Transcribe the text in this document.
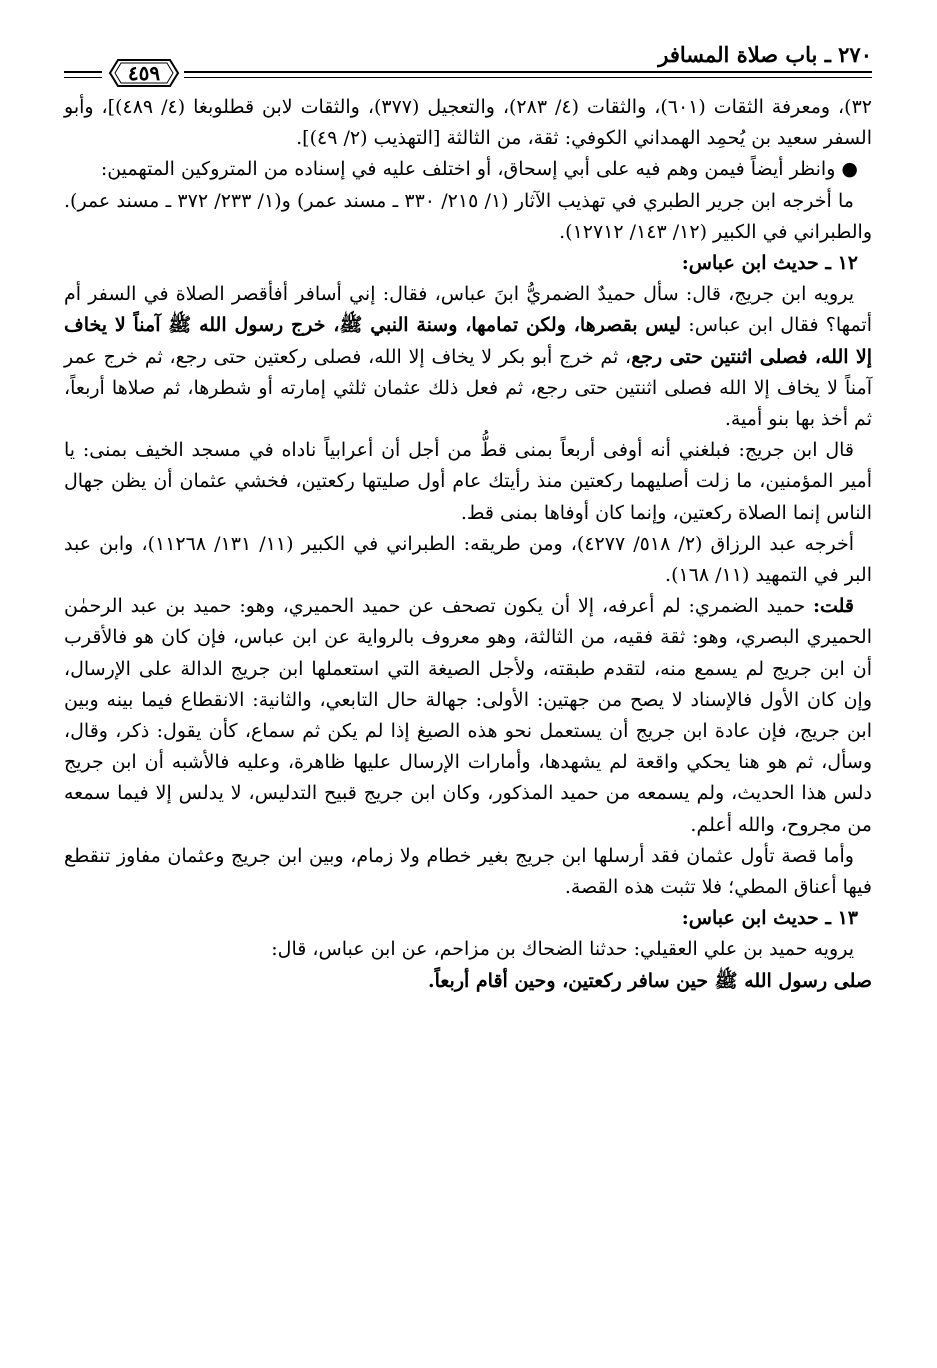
٢٧٠ ـ باب صلاة المسافر
٤٥٩

٣٢)، ومعرفة الثقات (٦٠١)، والثقات (٤/ ٢٨٣)، والتعجيل (٣٧٧)، والثقات لابن قطلوبغا (٤/ ٤٨٩)]، وأبو السفر سعيد بن يُحمِد الهمداني الكوفي: ثقة، من الثالثة [التهذيب (٢/ ٤٩)].

● وانظر أيضاً فيمن وهم فيه على أبي إسحاق، أو اختلف عليه في إسناده من المتروكين المتهمين:

ما أخرجه ابن جرير الطبري في تهذيب الآثار (١/ ٢١٥/ ٣٣٠ ـ مسند عمر) و(١/ ٢٣٣/ ٣٧٢ ـ مسند عمر). والطبراني في الكبير (١٢/ ١٤٣/ ١٢٧١٢).

١٢ ـ حديث ابن عباس:

يرويه ابن جريج، قال: سأل حميدٌ الضمريُّ ابنَ عباس، فقال: إني أسافر أفأقصر الصلاة في السفر أم أتمها؟ فقال ابن عباس: ليس بقصرها، ولكن تمامها، وسنة النبي ﷺ، خرج رسول الله ﷺ آمناً لا يخاف إلا الله، فصلى اثنتين حتى رجع، ثم خرج أبو بكر لا يخاف إلا الله، فصلى ركعتين حتى رجع، ثم خرج عمر آمناً لا يخاف إلا الله فصلى اثنتين حتى رجع، ثم فعل ذلك عثمان ثلثي إمارته أو شطرها، ثم صلاها أربعاً، ثم أخذ بها بنو أمية.

قال ابن جريج: فبلغني أنه أوفى أربعاً بمنى قطُّ من أجل أن أعرابياً ناداه في مسجد الخيف بمنى: يا أمير المؤمنين، ما زلت أصليهما ركعتين منذ رأيتك عام أول صليتها ركعتين، فخشي عثمان أن يظن جهال الناس إنما الصلاة ركعتين، وإنما كان أوفاها بمنى قط.

أخرجه عبد الرزاق (٢/ ٥١٨/ ٤٢٧٧)، ومن طريقه: الطبراني في الكبير (١١/ ١٣١/ ١١٢٦٨)، وابن عبد البر في التمهيد (١١/ ١٦٨).

قلت: حميد الضمري: لم أعرفه، إلا أن يكون تصحف عن حميد الحميري، وهو: حميد بن عبد الرحمٰن الحميري البصري، وهو: ثقة فقيه، من الثالثة، وهو معروف بالرواية عن ابن عباس، فإن كان هو فالأقرب أن ابن جريج لم يسمع منه، لتقدم طبقته، ولأجل الصيغة التي استعملها ابن جريج الدالة على الإرسال، وإن كان الأول فالإسناد لا يصح من جهتين: الأولى: جهالة حال التابعي، والثانية: الانقطاع فيما بينه وبين ابن جريج، فإن عادة ابن جريج أن يستعمل نحو هذه الصيغ إذا لم يكن ثم سماع، كأن يقول: ذكر، وقال، وسأل، ثم هو هنا يحكي واقعة لم يشهدها، وأمارات الإرسال عليها ظاهرة، وعليه فالأشبه أن ابن جريج دلس هذا الحديث، ولم يسمعه من حميد المذكور، وكان ابن جريج قبيح التدليس، لا يدلس إلا فيما سمعه من مجروح، والله أعلم.

وأما قصة تأول عثمان فقد أرسلها ابن جريج بغير خطام ولا زمام، وبين ابن جريج وعثمان مفاوز تنقطع فيها أعناق المطي؛ فلا تثبت هذه القصة.

١٣ ـ حديث ابن عباس:

يرويه حميد بن علي العقيلي: حدثنا الضحاك بن مزاحم، عن ابن عباس، قال:

صلى رسول الله ﷺ حين سافر ركعتين، وحين أقام أربعاً.
